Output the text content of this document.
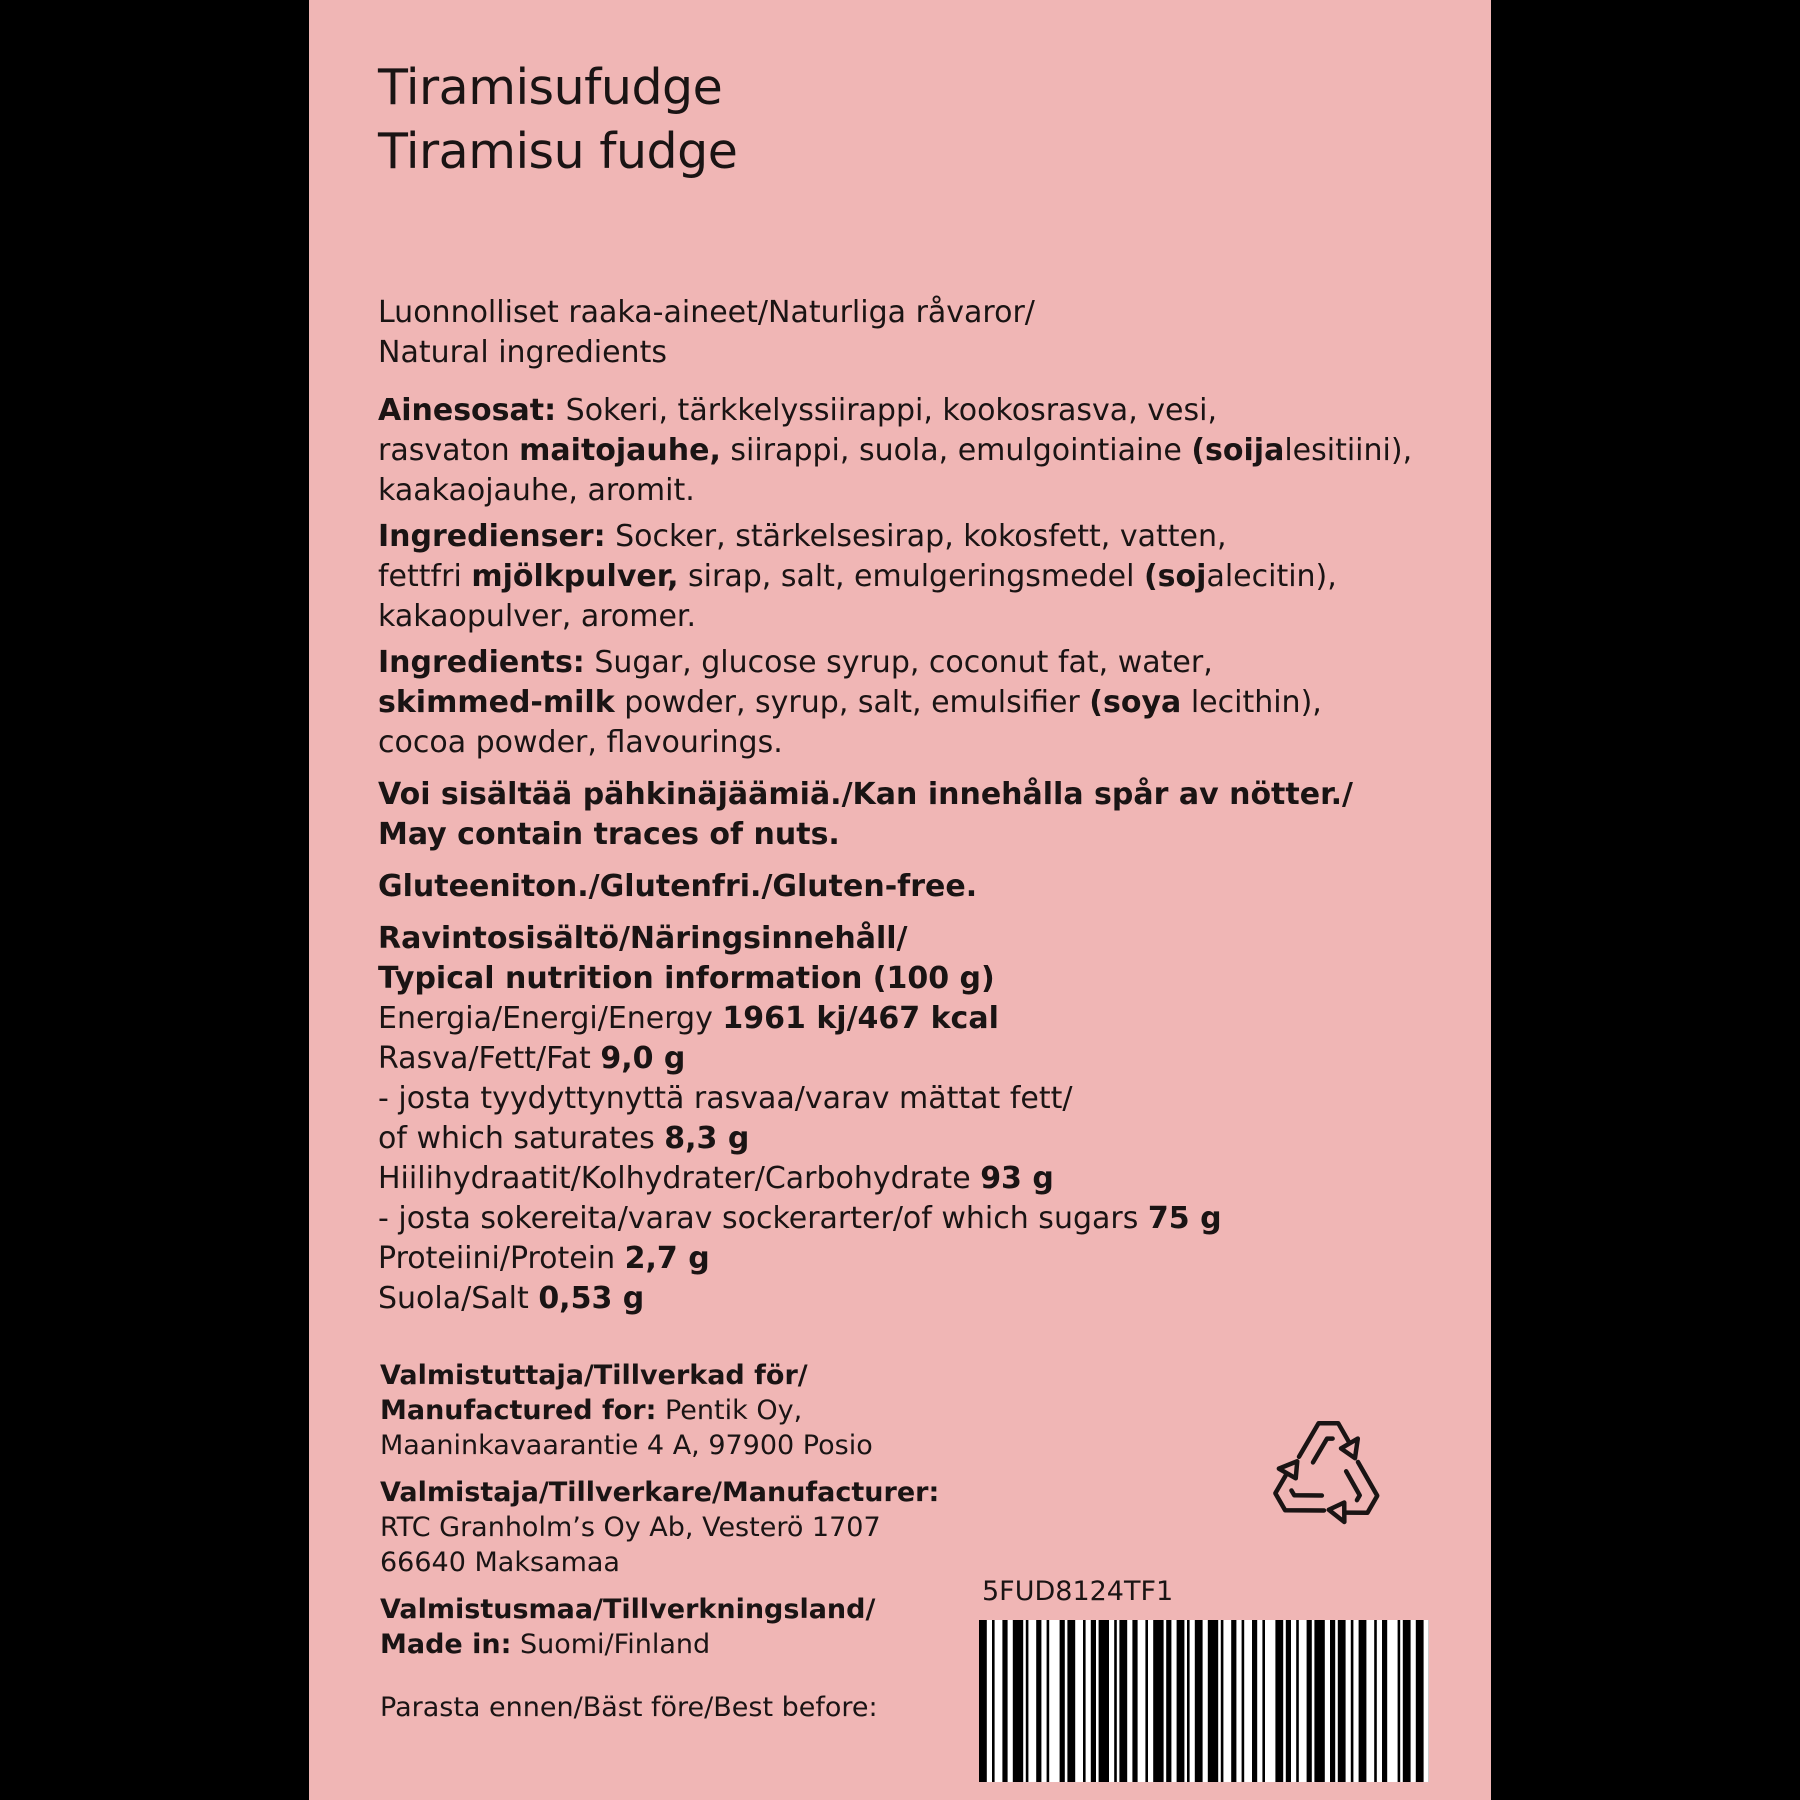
Tiramisufudge
Tiramisu fudge
Luonnolliset raaka-aineet/Naturliga råvaror/
Natural ingredients
Ainesosat: Sokeri, tärkkelyssiirappi, kookosrasva, vesi,
rasvaton maitojauhe, siirappi, suola, emulgointiaine (soijalesitiini),
kaakaojauhe, aromit.
Ingredienser: Socker, stärkelsesirap, kokosfett, vatten,
fettfri mjölkpulver, sirap, salt, emulgeringsmedel (sojalecitin),
kakaopulver, aromer.
Ingredients: Sugar, glucose syrup, coconut fat, water,
skimmed-milk powder, syrup, salt, emulsifier (soya lecithin),
cocoa powder, flavourings.
Voi sisältää pähkinäjäämiä./Kan innehålla spår av nötter./
May contain traces of nuts.
Gluteeniton./Glutenfri./Gluten-free.
Ravintosisältö/Näringsinnehåll/
Typical nutrition information (100 g)
Energia/Energi/Energy 1961 kj/467 kcal
Rasva/Fett/Fat 9,0 g
- josta tyydyttynyttä rasvaa/varav mättat fett/
of which saturates 8,3 g
Hiilihydraatit/Kolhydrater/Carbohydrate 93 g
- josta sokereita/varav sockerarter/of which sugars 75 g
Proteiini/Protein 2,7 g
Suola/Salt 0,53 g
Valmistuttaja/Tillverkad för/
Manufactured for: Pentik Oy,
Maaninkavaarantie 4 A, 97900 Posio
Valmistaja/Tillverkare/Manufacturer:
RTC Granholm’s Oy Ab, Vesterö 1707
66640 Maksamaa
Valmistusmaa/Tillverkningsland/
Made in: Suomi/Finland
Parasta ennen/Bäst före/Best before:
5FUD8124TF1
